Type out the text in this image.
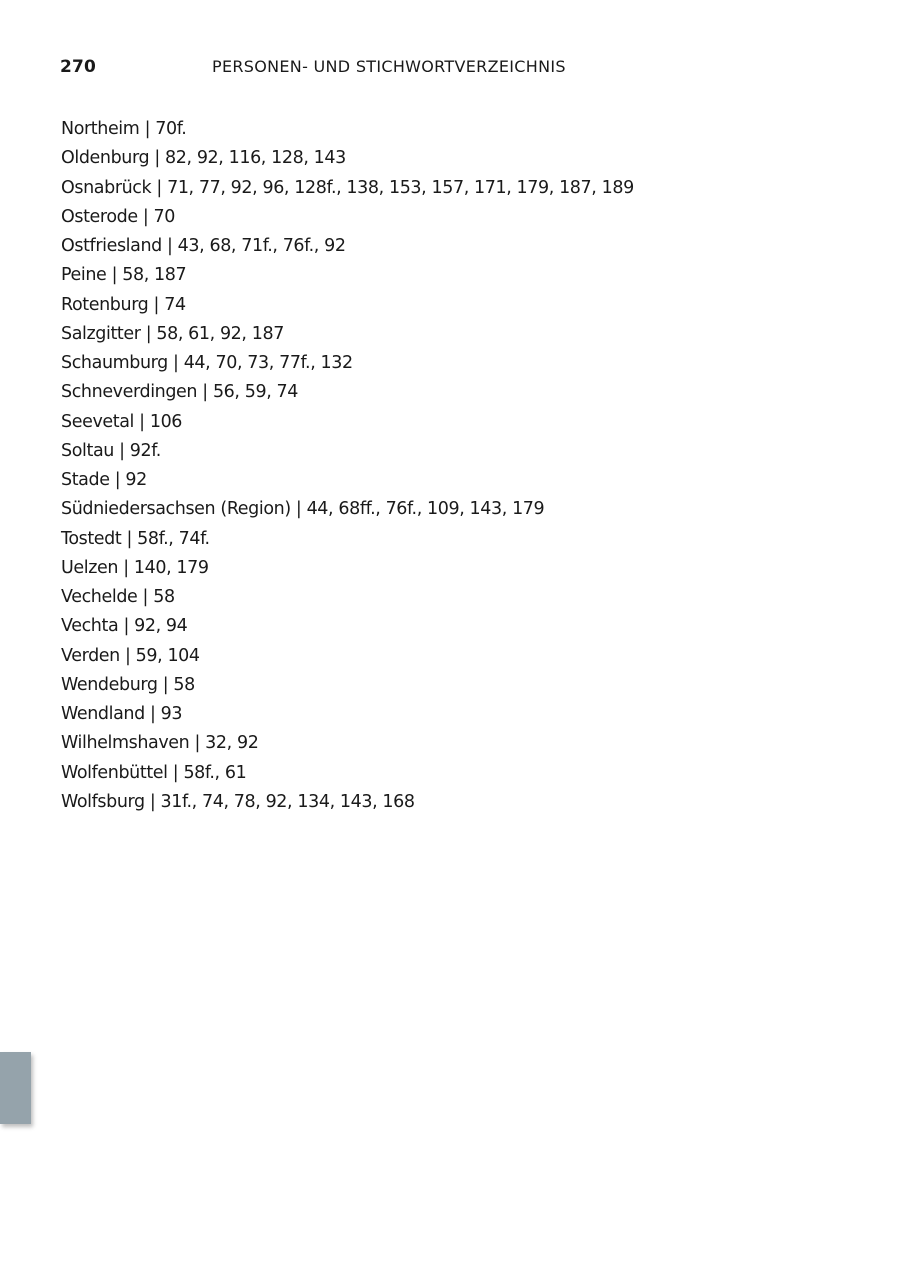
270	PERSONEN- UND STICHWORTVERZEICHNIS
Northeim | 70f.
Oldenburg | 82, 92, 116, 128, 143
Osnabrück | 71, 77, 92, 96, 128f., 138, 153, 157, 171, 179, 187, 189
Osterode | 70
Ostfriesland | 43, 68, 71f., 76f., 92
Peine | 58, 187
Rotenburg | 74
Salzgitter | 58, 61, 92, 187
Schaumburg | 44, 70, 73, 77f., 132
Schneverdingen | 56, 59, 74
Seevetal | 106
Soltau | 92f.
Stade | 92
Südniedersachsen (Region) | 44, 68ff., 76f., 109, 143, 179
Tostedt | 58f., 74f.
Uelzen | 140, 179
Vechelde | 58
Vechta | 92, 94
Verden | 59, 104
Wendeburg | 58
Wendland | 93
Wilhelmshaven | 32, 92
Wolfenbüttel | 58f., 61
Wolfsburg | 31f., 74, 78, 92, 134, 143, 168
